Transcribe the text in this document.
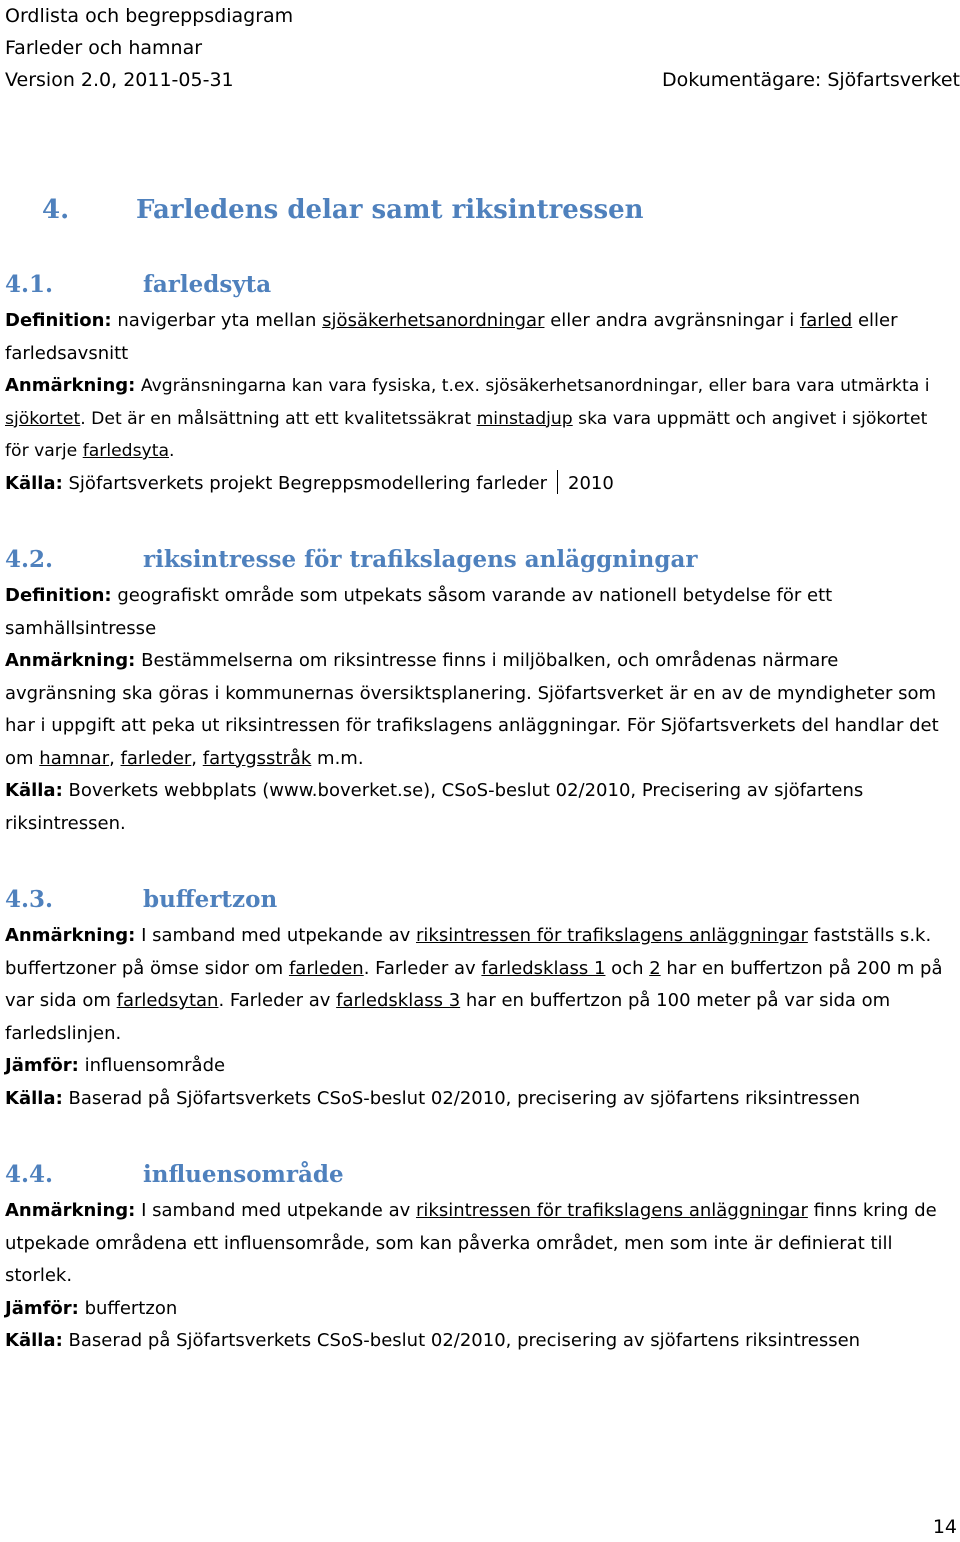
Ordlista och begreppsdiagram
Farleder och hamnar
Version 2.0, 2011-05-31	Dokumentägare: Sjöfartsverket
4.	Farledens delar samt riksintressen
4.1.	farledsyta

Definition: navigerbar yta mellan sjösäkerhetsanordningar eller andra avgränsningar i farled eller farledsavsnitt

Anmärkning: Avgränsningarna kan vara fysiska, t.ex. sjösäkerhetsanordningar, eller bara vara utmärkta i sjökortet. Det är en målsättning att ett kvalitetssäkrat minstadjup ska vara uppmätt och angivet i sjökortet för varje farledsyta.

Källa: Sjöfartsverkets projekt Begreppsmodellering farleder 2010

4.2.	riksintresse för trafikslagens anläggningar

Definition: geografiskt område som utpekats såsom varande av nationell betydelse för ett samhällsintresse

Anmärkning: Bestämmelserna om riksintresse finns i miljöbalken, och områdenas närmare avgränsning ska göras i kommunernas översiktsplanering. Sjöfartsverket är en av de myndigheter som har i uppgift att peka ut riksintressen för trafikslagens anläggningar. För Sjöfartsverkets del handlar det om hamnar, farleder, fartygsstråk m.m.

Källa: Boverkets webbplats (www.boverket.se), CSoS-beslut 02/2010, Precisering av sjöfartens riksintressen.

4.3.	buffertzon

Anmärkning: I samband med utpekande av riksintressen för trafikslagens anläggningar fastställs s.k. buffertzoner på ömse sidor om farleden. Farleder av farledsklass 1 och 2 har en buffertzon på 200 m på var sida om farledsytan. Farleder av farledsklass 3 har en buffertzon på 100 meter på var sida om farledslinjen.

Jämför: influensområde

Källa: Baserad på Sjöfartsverkets CSoS-beslut 02/2010, precisering av sjöfartens riksintressen

4.4.	influensområde

Anmärkning: I samband med utpekande av riksintressen för trafikslagens anläggningar finns kring de utpekade områdena ett influensområde, som kan påverka området, men som inte är definierat till storlek.

Jämför: buffertzon

Källa: Baserad på Sjöfartsverkets CSoS-beslut 02/2010, precisering av sjöfartens riksintressen

14
